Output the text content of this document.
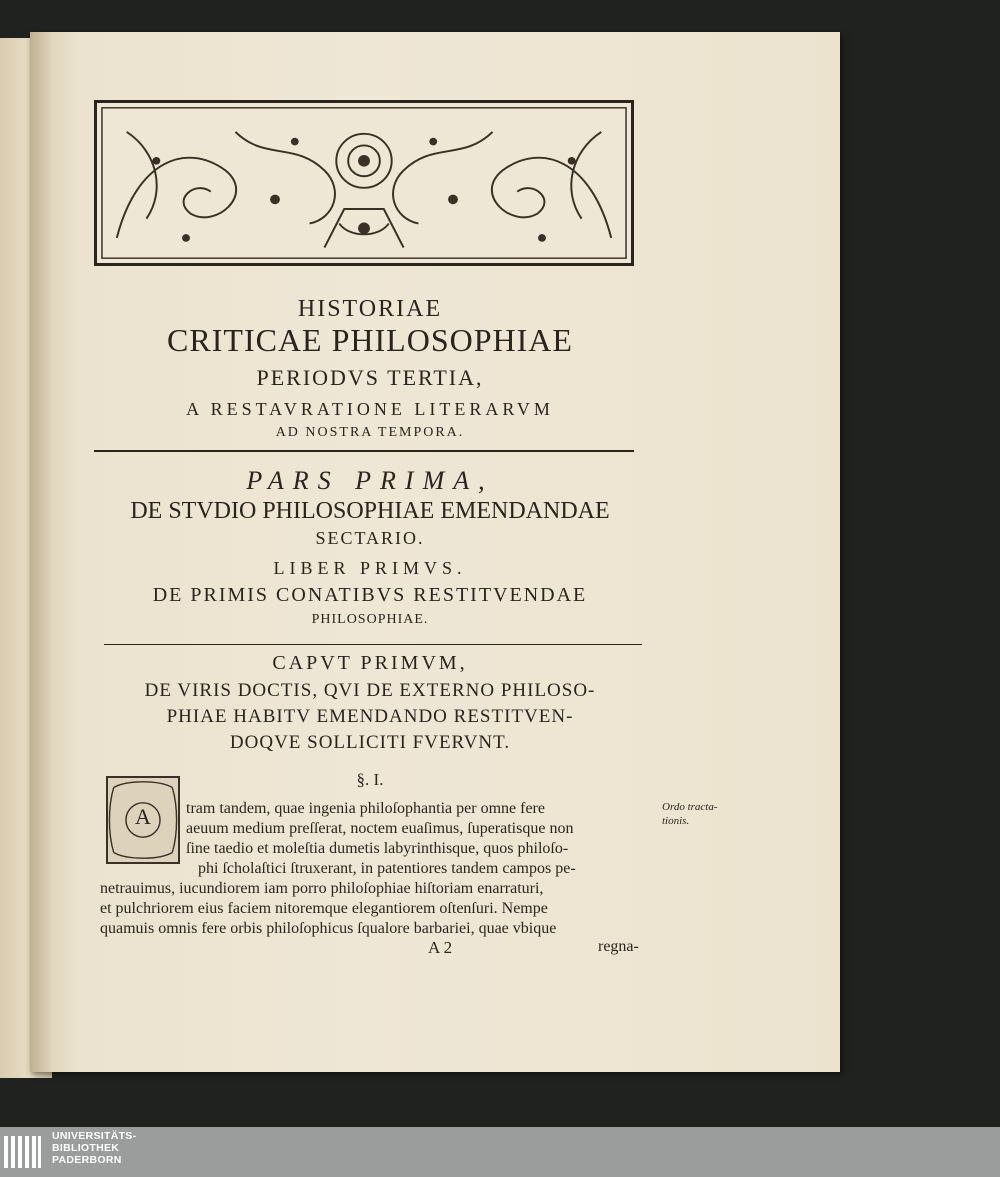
HISTORIAE
CRITICAE PHILOSOPHIAE
PERIODVS TERTIA,
A RESTAVRATIONE LITERARVM
AD NOSTRA TEMPORA.
PARS PRIMA,
DE STVDIO PHILOSOPHIAE EMENDANDAE
SECTARIO.
LIBER PRIMVS.
DE PRIMIS CONATIBVS RESTITVENDAE
PHILOSOPHIAE.
CAPVT PRIMVM,
DE VIRIS DOCTIS, QVI DE EXTERNO PHILOSO-
PHIAE HABITV EMENDANDO RESTITVEN-
DOQVE SOLLICITI FVERVNT.
§. I.
A	tram tandem, quae ingenia philoſophantia per omne fere
aeuum medium preſſerat, noctem euaſimus, ſuperatisque non
ſine taedio et moleſtia dumetis labyrinthisque, quos philoſo-
phi ſcholaſtici ſtruxerant, in patentiores tandem campos pe-
netrauimus, iucundiorem iam porro philoſophiae hiſtoriam enarraturi,
et pulchriorem eius faciem nitoremque elegantiorem oſtenſuri. Nempe
quamuis omnis fere orbis philoſophicus ſqualore barbariei, quae vbique
A 2	regna-
Ordo tracta-
tionis.
UNIVERSITÄTS-
BIBLIOTHEK
PADERBORN
